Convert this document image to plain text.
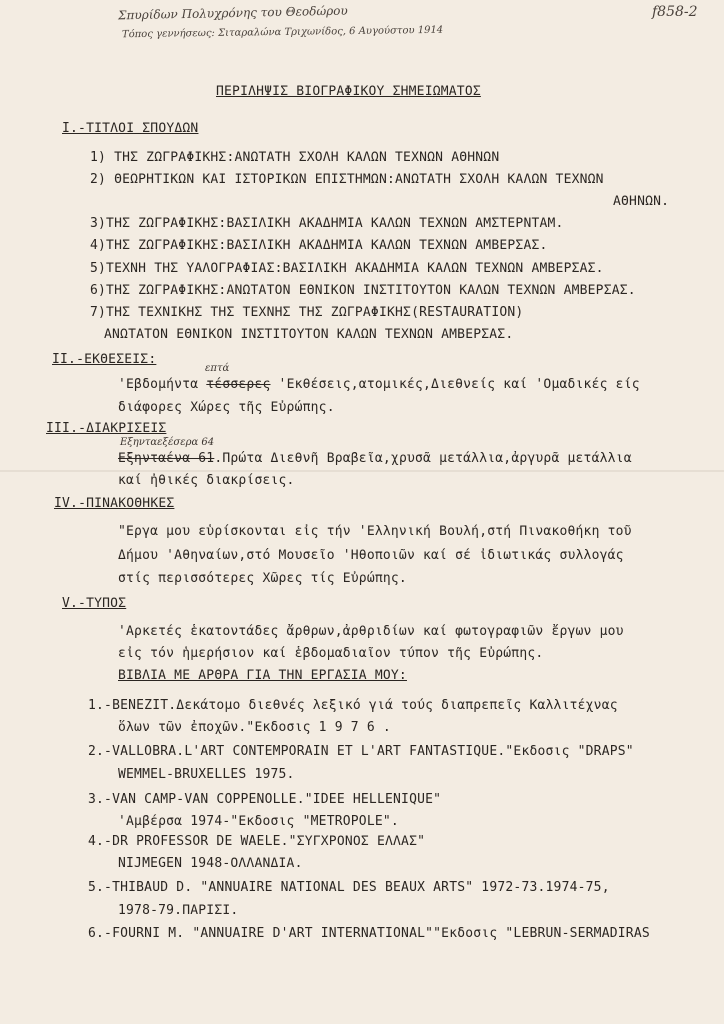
Σπυρίδων Πολυχρόνης του Θεοδώρου
Τόπος γεννήσεως: Σιταραλώνα Τριχωνίδος, 6 Αυγούστου 1914
f858-2
ΠΕΡΙΛΗΨΙΣ ΒΙΟΓΡΑΦΙΚΟΥ ΣΗΜΕΙΩΜΑΤΟΣ
I.-ΤΙΤΛΟΙ ΣΠΟΥΔΩΝ
1) ΤΗΣ ΖΩΓΡΑΦΙΚΗΣ:ΑΝΩΤΑΤΗ ΣΧΟΛΗ ΚΑΛΩΝ ΤΕΧΝΩΝ ΑΘΗΝΩΝ
2) ΘΕΩΡΗΤΙΚΩΝ ΚΑΙ ΙΣΤΟΡΙΚΩΝ ΕΠΙΣΤΗΜΩΝ:ΑΝΩΤΑΤΗ ΣΧΟΛΗ ΚΑΛΩΝ ΤΕΧΝΩΝ
ΑΘΗΝΩΝ.
3)ΤΗΣ ΖΩΓΡΑΦΙΚΗΣ:ΒΑΣΙΛΙΚΗ ΑΚΑΔΗΜΙΑ ΚΑΛΩΝ ΤΕΧΝΩΝ ΑΜΣΤΕΡΝΤΑΜ.
4)ΤΗΣ ΖΩΓΡΑΦΙΚΗΣ:ΒΑΣΙΛΙΚΗ ΑΚΑΔΗΜΙΑ ΚΑΛΩΝ ΤΕΧΝΩΝ ΑΜΒΕΡΣΑΣ.
5)ΤΕΧΝΗ ΤΗΣ ΥΑΛΟΓΡΑΦΙΑΣ:ΒΑΣΙΛΙΚΗ ΑΚΑΔΗΜΙΑ ΚΑΛΩΝ ΤΕΧΝΩΝ ΑΜΒΕΡΣΑΣ.
6)ΤΗΣ ΖΩΓΡΑΦΙΚΗΣ:ΑΝΩΤΑΤΟΝ ΕΘΝΙΚΟΝ ΙΝΣΤΙΤΟΥΤΟΝ ΚΑΛΩΝ ΤΕΧΝΩΝ ΑΜΒΕΡΣΑΣ.
7)ΤΗΣ ΤΕΧΝΙΚΗΣ ΤΗΣ ΤΕΧΝΗΣ ΤΗΣ ΖΩΓΡΑΦΙΚΗΣ(RESTAURATION)
ΑΝΩΤΑΤΟΝ ΕΘΝΙΚΟΝ ΙΝΣΤΙΤΟΥΤΟΝ ΚΑΛΩΝ ΤΕΧΝΩΝ ΑΜΒΕΡΣΑΣ.
II.-ΕΚΘΕΣΕΙΣ:
επτά
'Εβδομήντα τέσσερες 'Εκθέσεις,ατομικές,Διεθνείς καί 'Ομαδικές είς
διάφορες Χώρες τῆς Εὐρώπης.
III.-ΔΙΑΚΡΙΣΕΙΣ
Εξηνταεξέσερα 64
Εξηνταένα 61.Πρώτα Διεθνῆ Βραβεῖα,χρυσᾶ μετάλλια,ἀργυρᾶ μετάλλια
καί ἠθικές διακρίσεις.
IV.-ΠΙΝΑΚΟΘΗΚΕΣ
"Εργα μου εὑρίσκονται εἰς τήν 'Ελληνική Βουλή,στή Πινακοθήκη τοῦ
Δήμου 'Αθηναίων,στό Μουσεῖο 'Ηθοποιῶν καί σέ ἰδιωτικάς συλλογάς
στίς περισσότερες Χῶρες τίς Εὐρώπης.
V.-ΤΥΠΟΣ
'Αρκετές ἑκατοντάδες ἄρθρων,ἀρθριδίων καί φωτογραφιῶν ἔργων μου
εἰς τόν ἡμερήσιον καί ἑβδομαδιαῖον τύπον τῆς Εὐρώπης.
ΒΙΒΛΙΑ ΜΕ ΑΡΘΡΑ ΓΙΑ ΤΗΝ ΕΡΓΑΣΙΑ ΜΟΥ:
1.-BENEZIT.Δεκάτομο διεθνές λεξικό γιά τούς διαπρεπεῖς Καλλιτέχνας
ὅλων τῶν ἐποχῶν."Εκδοσις 1 9 7 6 .
2.-VALLOBRA.L'ART CONTEMPORAIN ET L'ART FANTASTIQUE."Εκδοσις "DRAPS"
WEMMEL-BRUXELLES 1975.
3.-VAN CAMP-VAN COPPENOLLE."IDEE HELLENIQUE"
'Αμβέρσα 1974-"Εκδοσις "METROPOLE".
4.-DR PROFESSOR DE WAELE."ΣΥΓΧΡΟΝΟΣ ΕΛΛΑΣ"
NIJMEGEN 1948-ΟΛΛΑΝΔΙΑ.
5.-THIBAUD D. "ANNUAIRE NATIONAL DES BEAUX ARTS" 1972-73.1974-75,
1978-79.ΠΑΡΙΣΙ.
6.-FOURNI M. "ANNUAIRE D'ART INTERNATIONAL""Εκδοσις "LEBRUN-SERMADIRAS
